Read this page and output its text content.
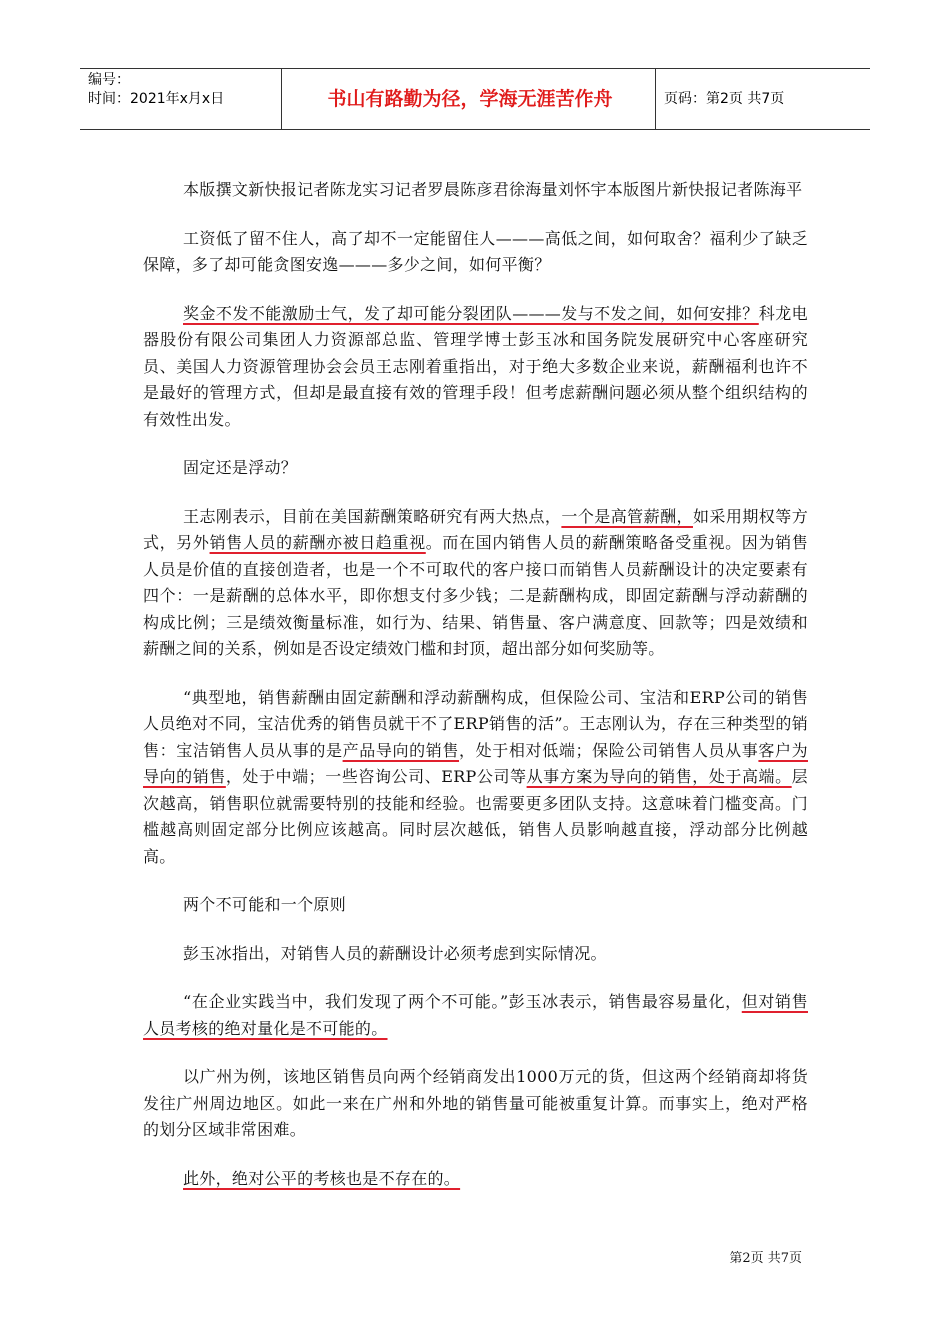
编号：
时间：2021年x月x日	书山有路勤为径，学海无涯苦作舟	页码：第2页 共7页

本版撰文新快报记者陈龙实习记者罗晨陈彦君徐海量刘怀宇本版图片新快报记者陈海平

工资低了留不住人，高了却不一定能留住人———高低之间，如何取舍？福利少了缺乏保障，多了却可能贪图安逸———多少之间，如何平衡？

奖金不发不能激励士气，发了却可能分裂团队———发与不发之间，如何安排？科龙电器股份有限公司集团人力资源部总监、管理学博士彭玉冰和国务院发展研究中心客座研究员、美国人力资源管理协会会员王志刚着重指出，对于绝大多数企业来说，薪酬福利也许不是最好的管理方式，但却是最直接有效的管理手段！但考虑薪酬问题必须从整个组织结构的有效性出发。

固定还是浮动？

王志刚表示，目前在美国薪酬策略研究有两大热点，一个是高管薪酬，如采用期权等方式，另外销售人员的薪酬亦被日趋重视。而在国内销售人员的薪酬策略备受重视。因为销售人员是价值的直接创造者，也是一个不可取代的客户接口而销售人员薪酬设计的决定要素有四个：一是薪酬的总体水平，即你想支付多少钱；二是薪酬构成，即固定薪酬与浮动薪酬的构成比例；三是绩效衡量标准，如行为、结果、销售量、客户满意度、回款等；四是效绩和薪酬之间的关系，例如是否设定绩效门槛和封顶，超出部分如何奖励等。

“典型地，销售薪酬由固定薪酬和浮动薪酬构成，但保险公司、宝洁和ERP公司的销售人员绝对不同，宝洁优秀的销售员就干不了ERP销售的活”。王志刚认为，存在三种类型的销售：宝洁销售人员从事的是产品导向的销售，处于相对低端；保险公司销售人员从事客户为导向的销售，处于中端；一些咨询公司、ERP公司等从事方案为导向的销售，处于高端。层次越高，销售职位就需要特别的技能和经验。也需要更多团队支持。这意味着门槛变高。门槛越高则固定部分比例应该越高。同时层次越低，销售人员影响越直接，浮动部分比例越高。

两个不可能和一个原则

彭玉冰指出，对销售人员的薪酬设计必须考虑到实际情况。

“在企业实践当中，我们发现了两个不可能。”彭玉冰表示，销售最容易量化，但对销售人员考核的绝对量化是不可能的。

以广州为例，该地区销售员向两个经销商发出1000万元的货，但这两个经销商却将货发往广州周边地区。如此一来在广州和外地的销售量可能被重复计算。而事实上，绝对严格的划分区域非常困难。

此外，绝对公平的考核也是不存在的。

第2页 共7页
